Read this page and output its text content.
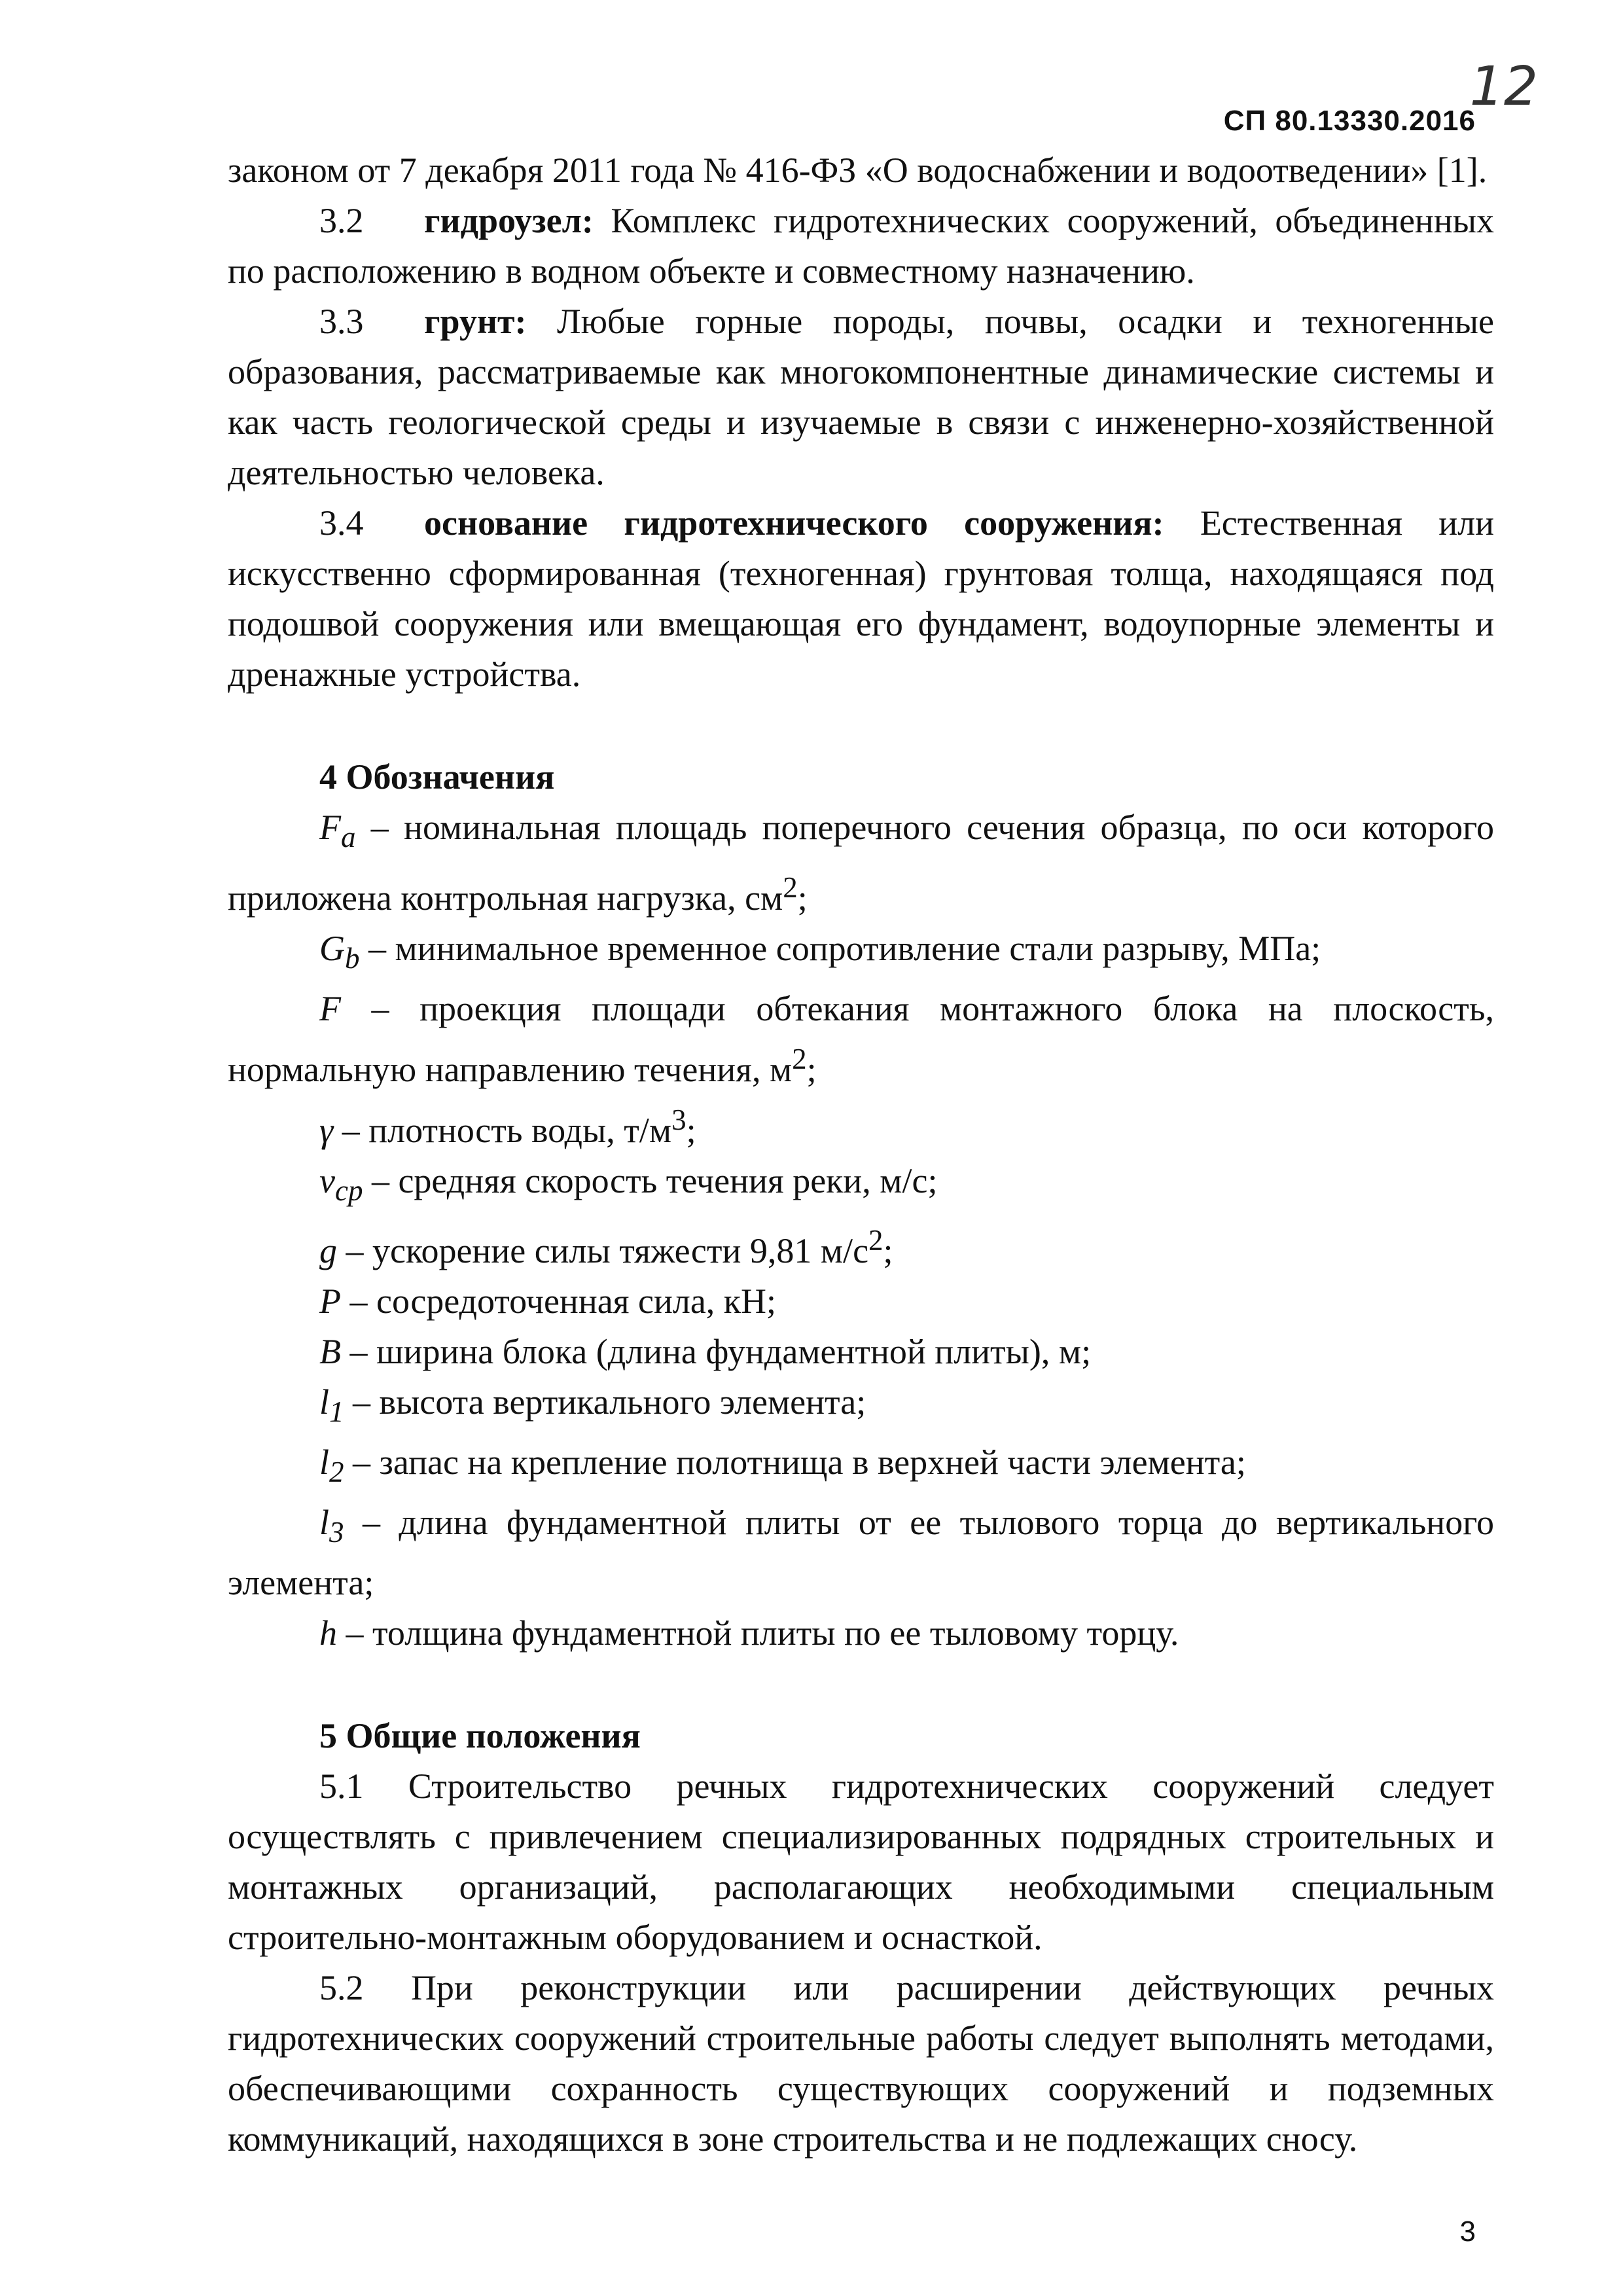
12
СП 80.13330.2016

законом от 7 декабря 2011 года № 416-ФЗ «О водоснабжении и водоотведении» [1].

3.2 гидроузел: Комплекс гидротехнических сооружений, объединенных по расположению в водном объекте и совместному назначению.

3.3 грунт: Любые горные породы, почвы, осадки и техногенные образования, рассматриваемые как многокомпонентные динамические системы и как часть геологической среды и изучаемые в связи с инженерно-хозяйственной деятельностью человека.

3.4 основание гидротехнического сооружения: Естественная или искусственно сформированная (техногенная) грунтовая толща, находящаяся под подошвой сооружения или вмещающая его фундамент, водоупорные элементы и дренажные устройства.

4 Обозначения

$F_a$ – номинальная площадь поперечного сечения образца, по оси которого приложена контрольная нагрузка, $см^2$;

$G_b$ – минимальное временное сопротивление стали разрыву, МПа;

F – проекция площади обтекания монтажного блока на плоскость, нормальную направлению течения, $м^2$;

γ – плотность воды, $т/м^3$;

$v_{cp}$ – средняя скорость течения реки, м/с;

g – ускорение силы тяжести 9,81 $м/с^2$;

P – сосредоточенная сила, кН;

B – ширина блока (длина фундаментной плиты), м;

$l_1$ – высота вертикального элемента;

$l_2$ – запас на крепление полотнища в верхней части элемента;

$l_3$ – длина фундаментной плиты от ее тылового торца до вертикального элемента;

h – толщина фундаментной плиты по ее тыловому торцу.

5 Общие положения

5.1 Строительство речных гидротехнических сооружений следует осуществлять с привлечением специализированных подрядных строительных и монтажных организаций, располагающих необходимыми специальным строительно-монтажным оборудованием и оснасткой.

5.2 При реконструкции или расширении действующих речных гидротехнических сооружений строительные работы следует выполнять методами, обеспечивающими сохранность существующих сооружений и подземных коммуникаций, находящихся в зоне строительства и не подлежащих сносу.

3
